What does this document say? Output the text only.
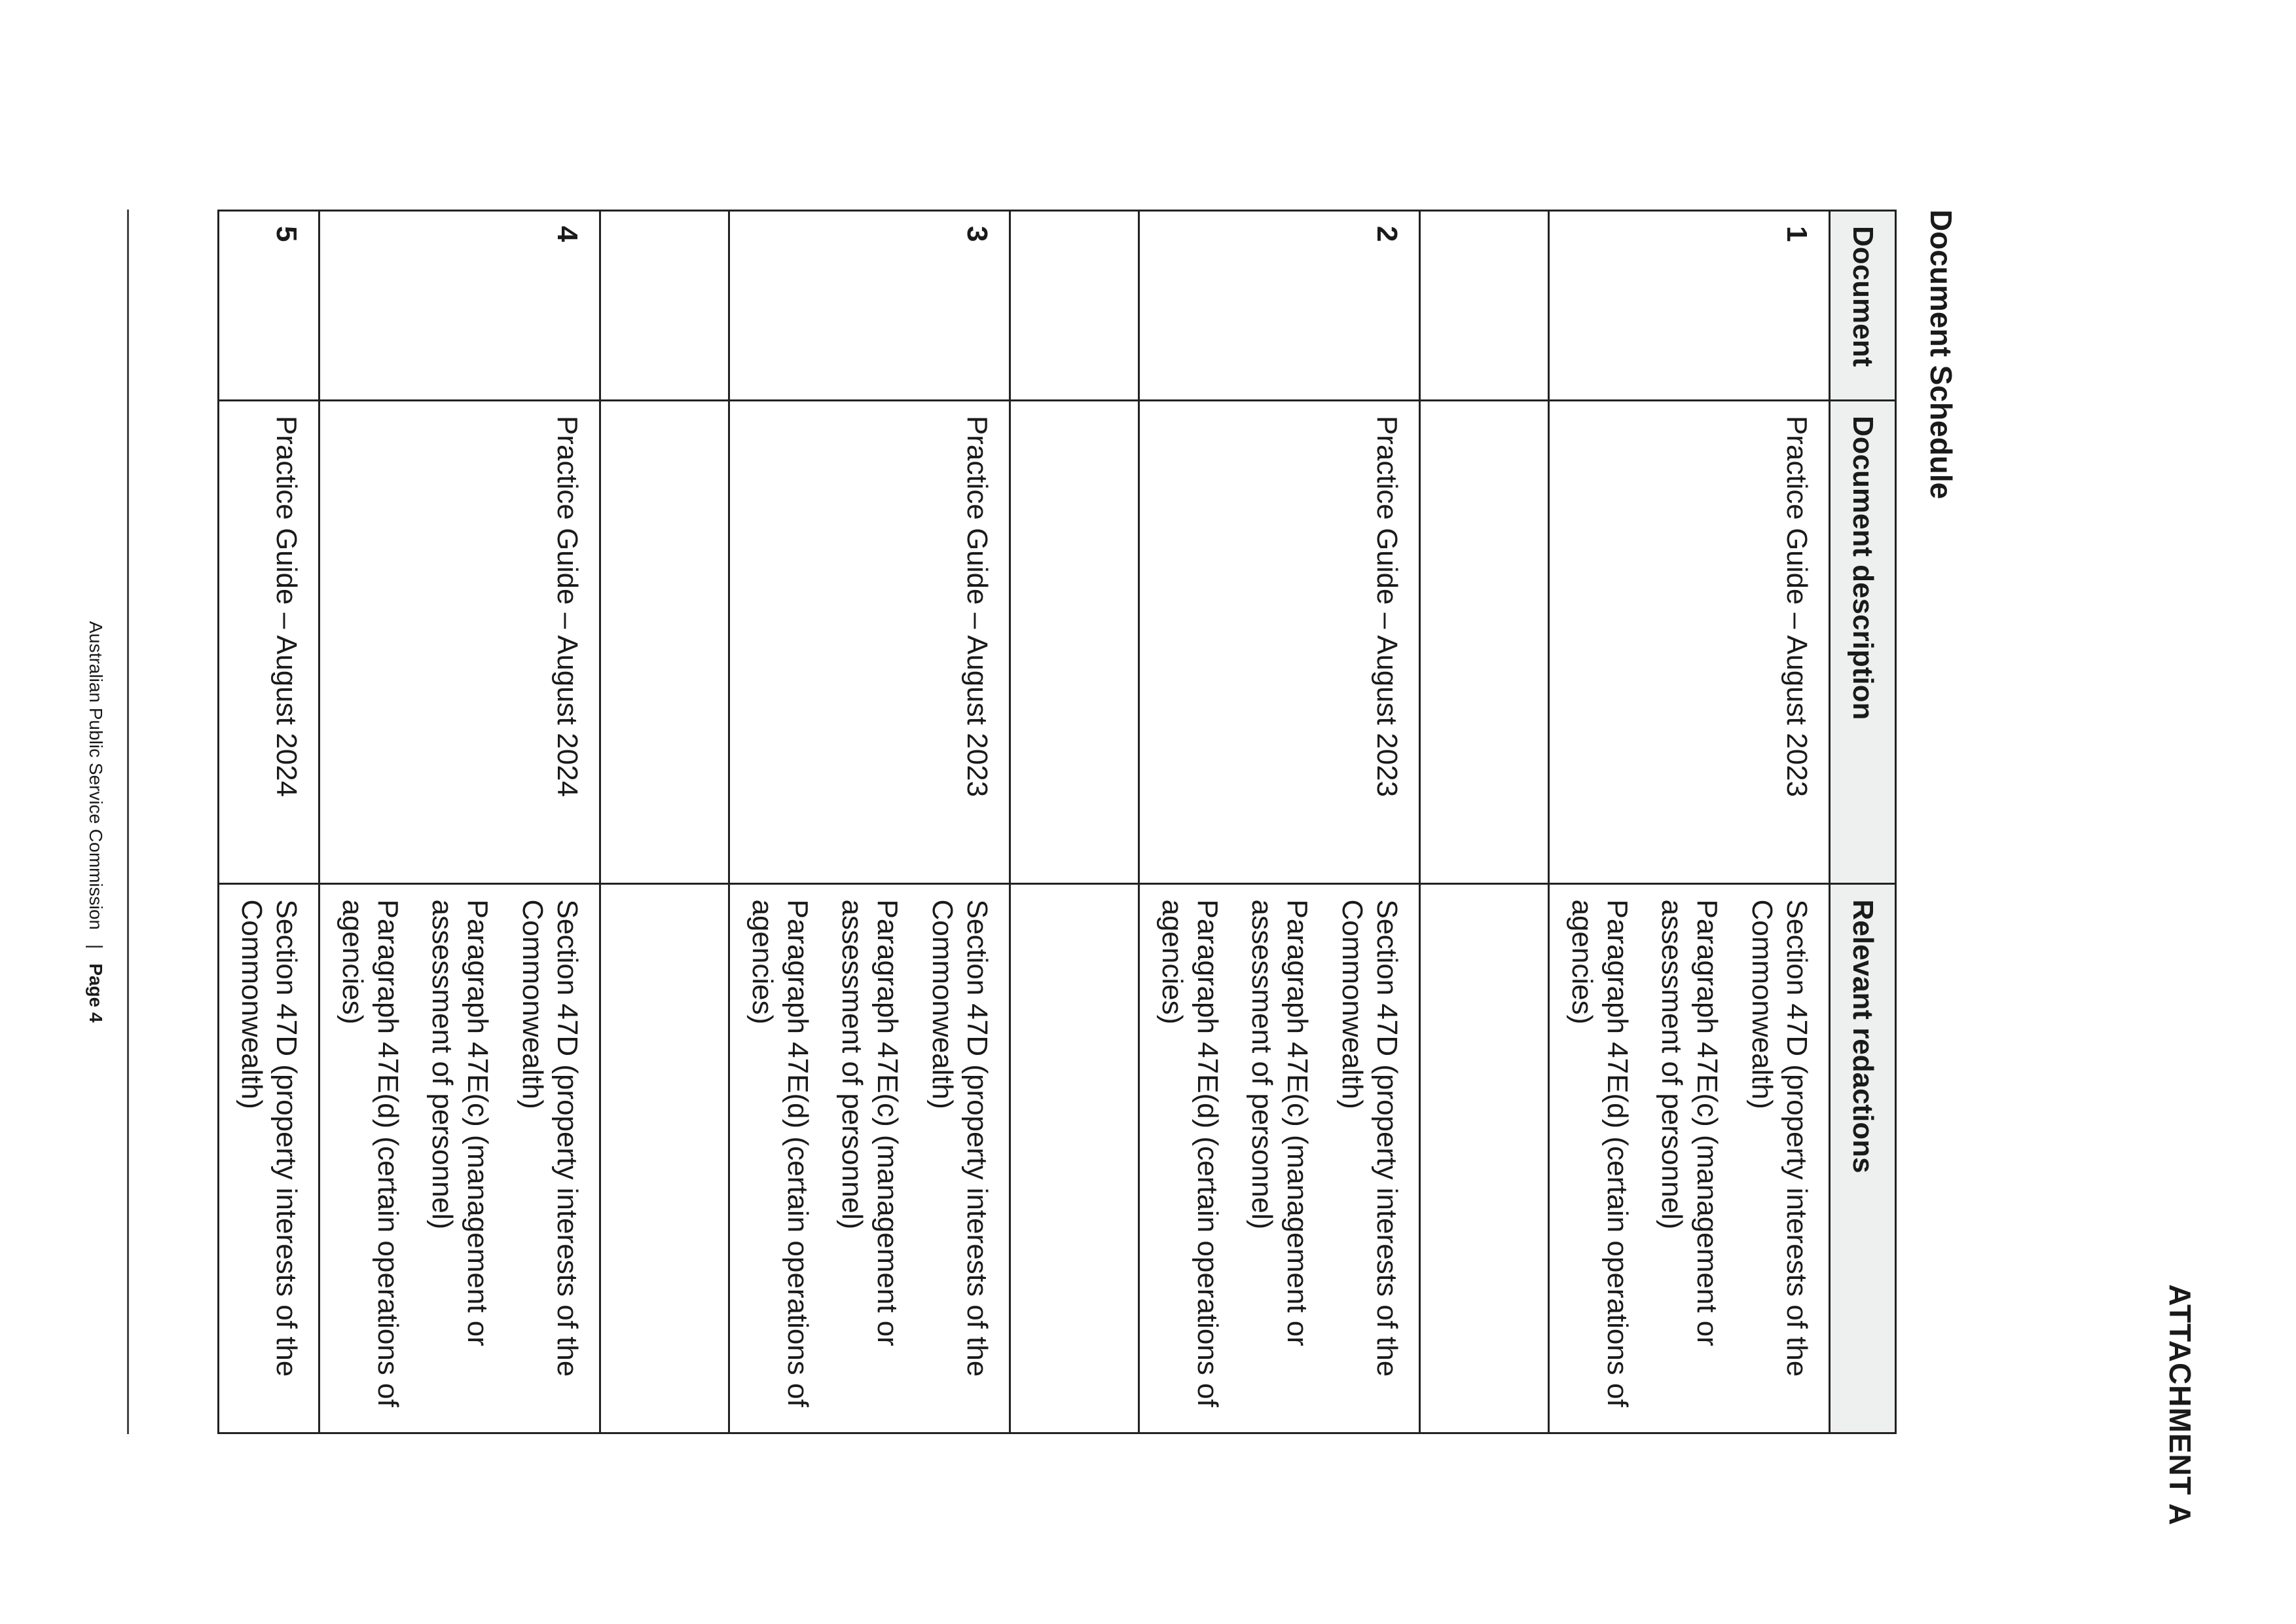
ATTACHMENT A
Document Schedule
Document	Document description	Relevant redactions
1	Practice Guide – August 2023	Section 47D (property interests of the Commonwealth)
Paragraph 47E(c) (management or assessment of personnel)
Paragraph 47E(d) (certain operations of agencies)

2	Practice Guide – August 2023	Section 47D (property interests of the Commonwealth)
Paragraph 47E(c) (management or assessment of personnel)
Paragraph 47E(d) (certain operations of agencies)

3	Practice Guide – August 2023	Section 47D (property interests of the Commonwealth)
Paragraph 47E(c) (management or assessment of personnel)
Paragraph 47E(d) (certain operations of agencies)

4	Practice Guide – August 2024	Section 47D (property interests of the Commonwealth)
Paragraph 47E(c) (management or assessment of personnel)
Paragraph 47E(d) (certain operations of agencies)

5	Practice Guide – August 2024	Section 47D (property interests of the Commonwealth)
Australian Public Service Commission|Page 4
